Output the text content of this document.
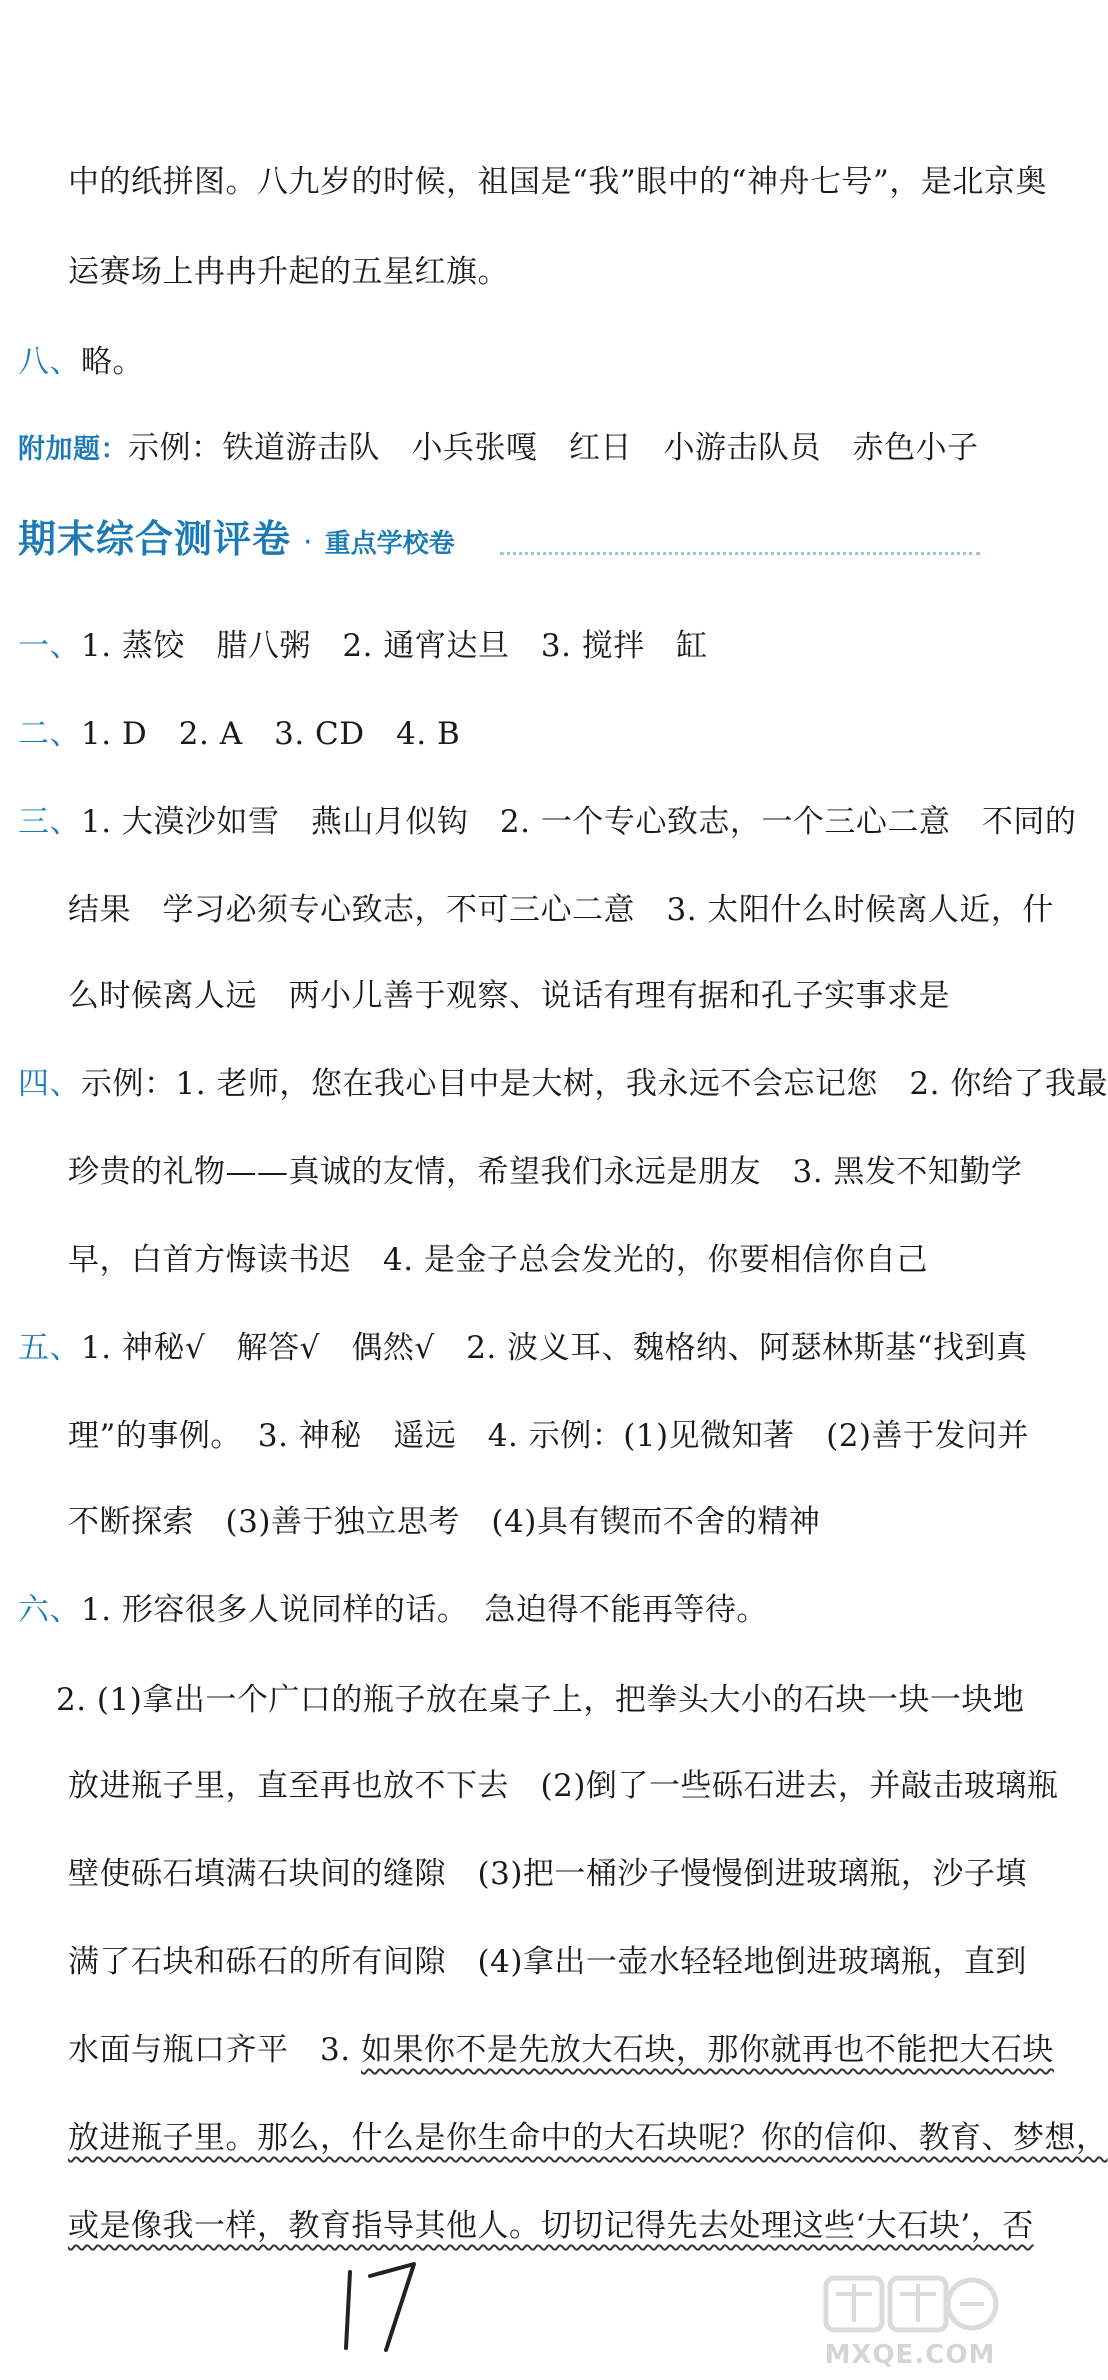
中的纸拼图。八九岁的时候，祖国是“我”眼中的“神舟七号”，是北京奥
运赛场上冉冉升起的五星红旗。
八、略。
附加题：示例：铁道游击队　小兵张嘎　红日　小游击队员　赤色小子
期末综合测评卷 · 重点学校卷
一、1. 蒸饺　腊八粥　2. 通宵达旦　3. 搅拌　缸
二、1. D　2. A　3. CD　4. B
三、1. 大漠沙如雪　燕山月似钩　2. 一个专心致志，一个三心二意　不同的
结果　学习必须专心致志，不可三心二意　3. 太阳什么时候离人近，什
么时候离人远　两小儿善于观察、说话有理有据和孔子实事求是
四、示例：1. 老师，您在我心目中是大树，我永远不会忘记您　2. 你给了我最
珍贵的礼物——真诚的友情，希望我们永远是朋友　3. 黑发不知勤学
早，白首方悔读书迟　4. 是金子总会发光的，你要相信你自己
五、1. 神秘√　解答√　偶然√　2. 波义耳、魏格纳、阿瑟林斯基“找到真
理”的事例。　3. 神秘　遥远　4. 示例：(1)见微知著　(2)善于发问并
不断探索　(3)善于独立思考　(4)具有锲而不舍的精神
六、1. 形容很多人说同样的话。　急迫得不能再等待。
2. (1)拿出一个广口的瓶子放在桌子上，把拳头大小的石块一块一块地
放进瓶子里，直至再也放不下去　(2)倒了一些砾石进去，并敲击玻璃瓶
壁使砾石填满石块间的缝隙　(3)把一桶沙子慢慢倒进玻璃瓶，沙子填
满了石块和砾石的所有间隙　(4)拿出一壶水轻轻地倒进玻璃瓶，直到
水面与瓶口齐平　3. 如果你不是先放大石块，那你就再也不能把大石块
放进瓶子里。那么，什么是你生命中的大石块呢？你的信仰、教育、梦想，
或是像我一样，教育指导其他人。切切记得先去处理这些‘大石块’，否
MXQE.COM
